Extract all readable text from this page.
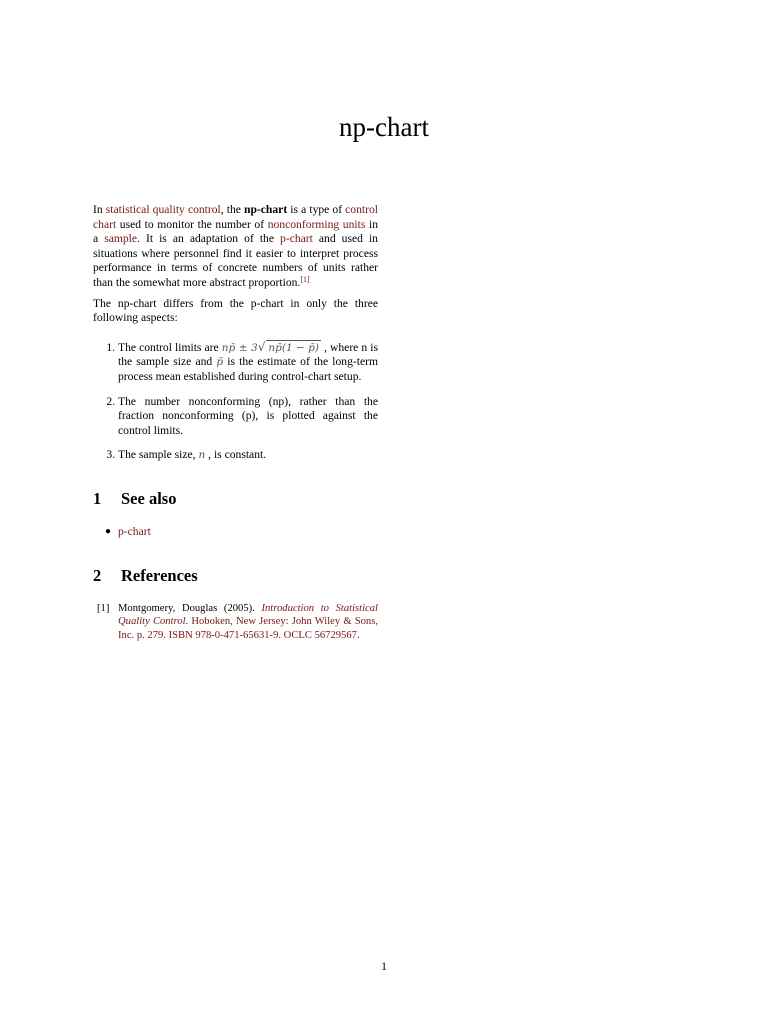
np-chart

In statistical quality control, the np-chart is a type of control chart used to monitor the number of nonconforming units in a sample. It is an adaptation of the p-chart and used in situations where personnel find it easier to interpret process performance in terms of concrete numbers of units rather than the somewhat more abstract proportion.[1]

The np-chart differs from the p-chart in only the three following aspects:

1. The control limits are np̄ ± 3√ np̄(1 − p̄) , where n is the sample size and p̄ is the estimate of the long-term process mean established during control-chart setup.
2. The number nonconforming (np), rather than the fraction nonconforming (p), is plotted against the control limits.
3. The sample size, n , is constant.
1 See also
● p-chart
2 References
[1] Montgomery, Douglas (2005). Introduction to Statistical Quality Control. Hoboken, New Jersey: John Wiley & Sons, Inc. p. 279. ISBN 978-0-471-65631-9. OCLC 56729567.
1
